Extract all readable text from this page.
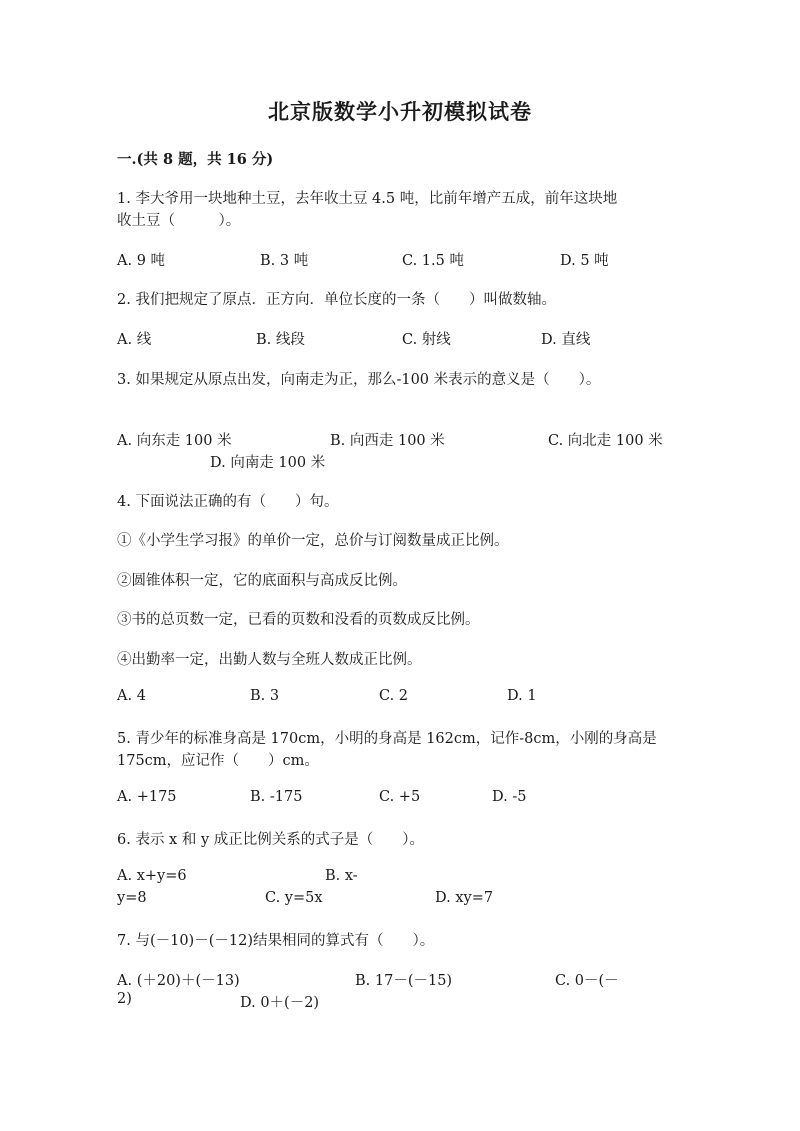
北京版数学小升初模拟试卷
一.(共 8 题，共 16 分)
1. 李大爷用一块地种土豆，去年收土豆 4.5 吨，比前年增产五成，前年这块地
收土豆（　　　）。
A. 9 吨	B. 3 吨	C. 1.5 吨	D. 5 吨
2. 我们把规定了原点．正方向．单位长度的一条（　　）叫做数轴。
A. 线	B. 线段	C. 射线	D. 直线
3. 如果规定从原点出发，向南走为正，那么-100 米表示的意义是（　　）。
A. 向东走 100 米	B. 向西走 100 米	C. 向北走 100 米
D. 向南走 100 米
4. 下面说法正确的有（　　）句。
①《小学生学习报》的单价一定，总价与订阅数量成正比例。
②圆锥体积一定，它的底面积与高成反比例。
③书的总页数一定，已看的页数和没看的页数成反比例。
④出勤率一定，出勤人数与全班人数成正比例。
A. 4	B. 3	C. 2	D. 1
5. 青少年的标准身高是 170cm，小明的身高是 162cm，记作-8cm，小刚的身高是
175cm，应记作（　　）cm。
A. +175	B. -175	C. +5	D. -5
6. 表示 x 和 y 成正比例关系的式子是（　　）。
A. x+y=6	B. x-
y=8	C. y=5x	D. xy=7
7. 与(－10)－(－12)结果相同的算式有（　　）。
A. (＋20)＋(－13)	B. 17－(－15)	C. 0－(－
2)	D. 0＋(－2)
